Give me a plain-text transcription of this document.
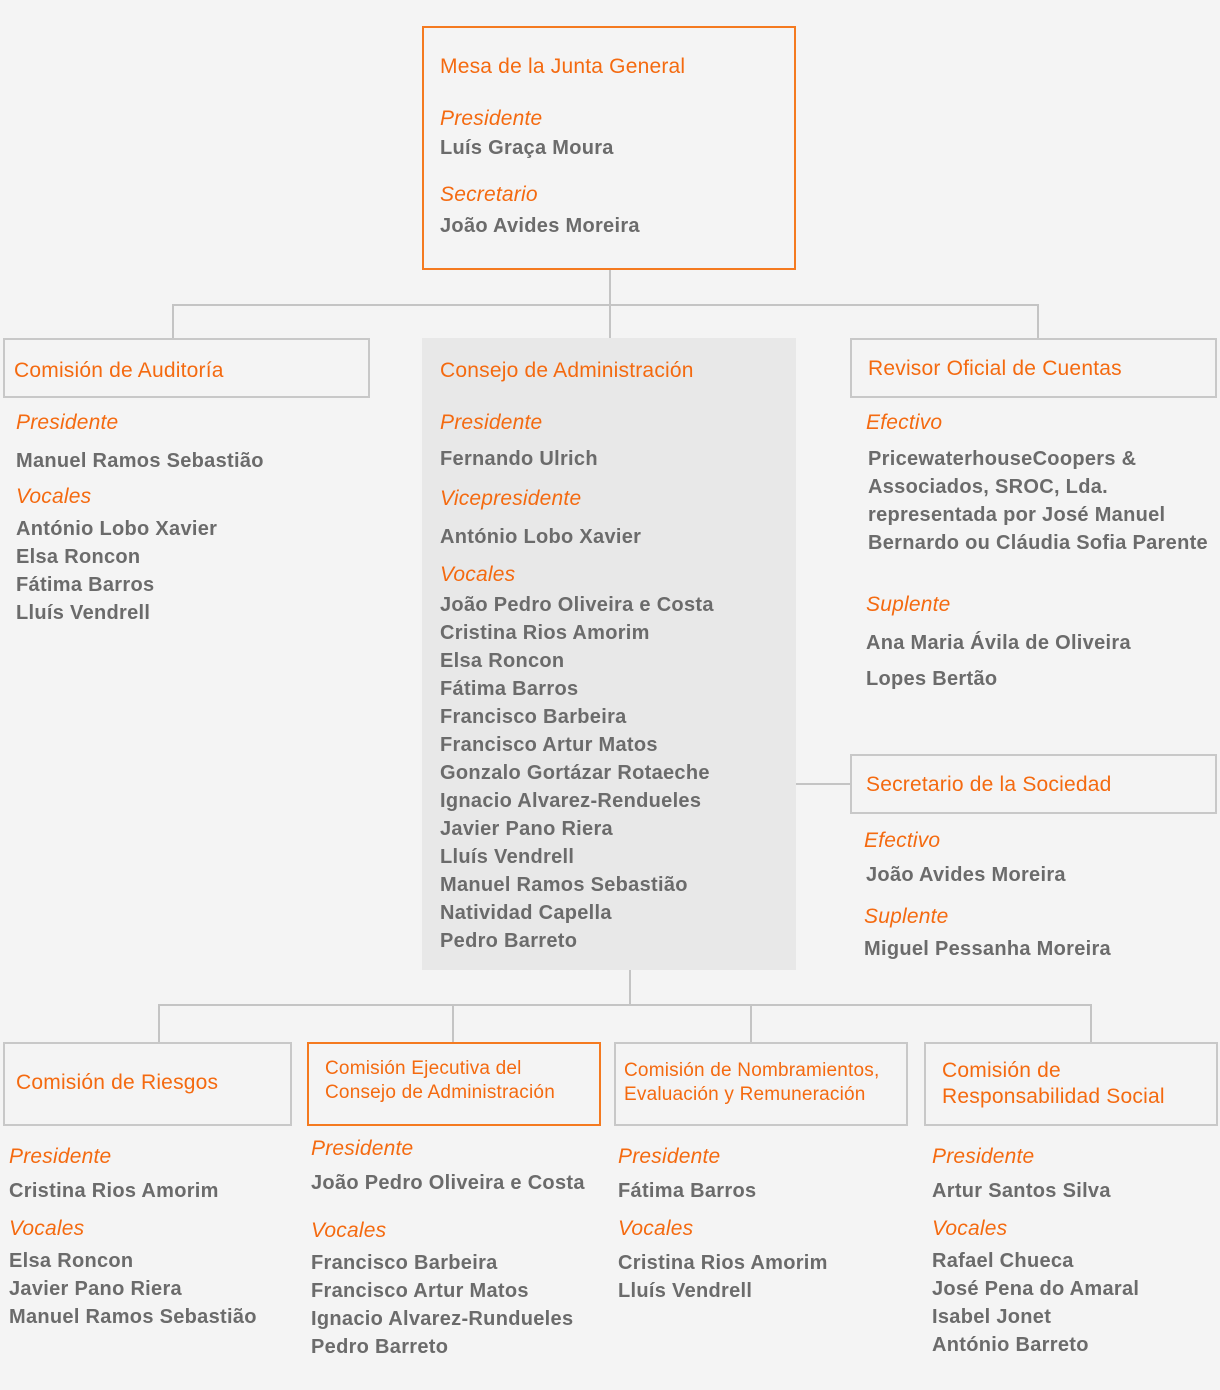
Mesa de la Junta General
Presidente
Luís Graça Moura
Secretario
João Avides Moreira
Comisión de Auditoría
Presidente
Manuel Ramos Sebastião
Vocales
António Lobo Xavier
Elsa Roncon
Fátima Barros
Lluís Vendrell
Consejo de Administración
Presidente
Fernando Ulrich
Vicepresidente
António Lobo Xavier
Vocales
João Pedro Oliveira e Costa
Cristina Rios Amorim
Elsa Roncon
Fátima Barros
Francisco Barbeira
Francisco Artur Matos
Gonzalo Gortázar Rotaeche
Ignacio Alvarez-Rendueles
Javier Pano Riera
Lluís Vendrell
Manuel Ramos Sebastião
Natividad Capella
Pedro Barreto
Revisor Oficial de Cuentas
Efectivo
PricewaterhouseCoopers &
Associados, SROC, Lda.
representada por José Manuel
Bernardo ou Cláudia Sofia Parente
Suplente
Ana Maria Ávila de Oliveira
Lopes Bertão
Secretario de la Sociedad
Efectivo
João Avides Moreira
Suplente
Miguel Pessanha Moreira
Comisión de Riesgos
Presidente
Cristina Rios Amorim
Vocales
Elsa Roncon
Javier Pano Riera
Manuel Ramos Sebastião
Comisión Ejecutiva del
Consejo de Administración
Presidente
João Pedro Oliveira e Costa
Vocales
Francisco Barbeira
Francisco Artur Matos
Ignacio Alvarez-Rundueles
Pedro Barreto
Comisión de Nombramientos,
Evaluación y Remuneración
Presidente
Fátima Barros
Vocales
Cristina Rios Amorim
Lluís Vendrell
Comisión de
Responsabilidad Social
Presidente
Artur Santos Silva
Vocales
Rafael Chueca
José Pena do Amaral
Isabel Jonet
António Barreto
